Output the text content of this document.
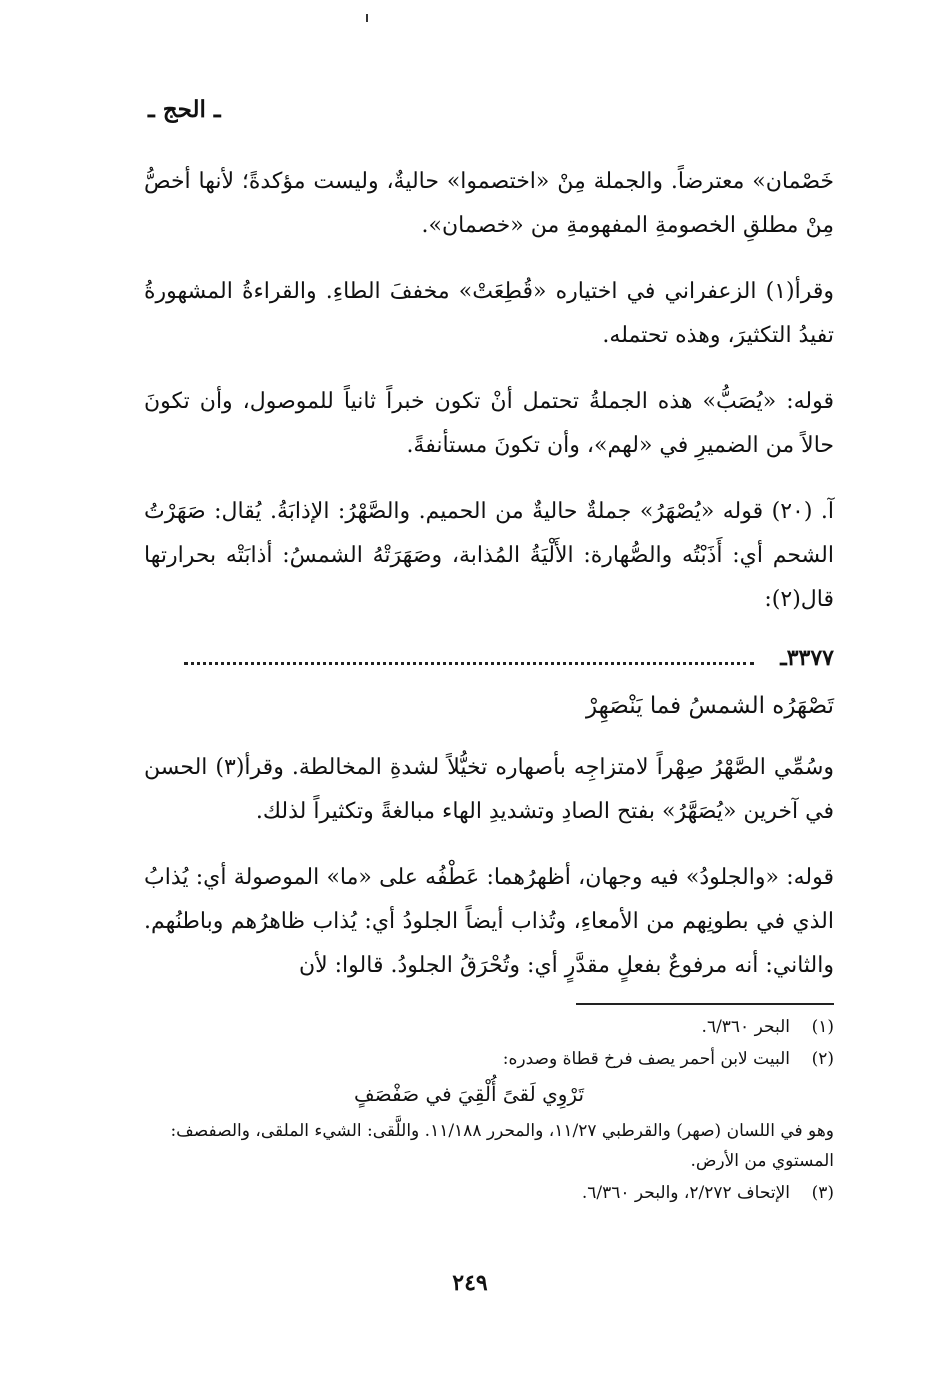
ـ الحج ـ

خَصْمان» معترضاً. والجملة مِنْ «اختصموا» حاليةٌ، وليست مؤكدةً؛ لأنها أخصُّ مِنْ مطلقِ الخصومةِ المفهومةِ من «خصمان».

وقرأ(١) الزعفراني في اختياره «قُطِعَتْ» مخففَ الطاءِ. والقراءةُ المشهورةُ تفيدُ التكثيرَ، وهذه تحتمله.

قوله: «يُصَبُّ» هذه الجملةُ تحتمل أنْ تكون خبراً ثانياً للموصول، وأن تكونَ حالاً من الضميرِ في «لهم»، وأن تكونَ مستأنفةً.

آ. (٢٠) قوله «يُصْهَرُ» جملةٌ حاليةٌ من الحميم. والصَّهْرُ: الإذابَةُ. يُقال: صَهَرْتُ الشحم أي: أَذَبْتُه والصُّهارة: الأَلْيَةُ المُذابة، وصَهَرَتْهُ الشمسُ: أذابَتْه بحرارتها قال(٢):

٣٣٧٧ـ
تَصْهَرُه الشمسُ فما يَنْصَهِرْ

وسُمِّي الصَّهْرُ صِهْراً لامتزاجِه بأصهاره تخيُّلاً لشدةِ المخالطة. وقرأ(٣) الحسن في آخرين «يُصَهَّرُ» بفتح الصادِ وتشديدِ الهاء مبالغةً وتكثيراً لذلك.

قوله: «والجلودُ» فيه وجهان، أظهرُهما: عَطْفُه على «ما» الموصولة أي: يُذابُ الذي في بطونِهم من الأمعاءِ، وتُذاب أيضاً الجلودُ أي: يُذاب ظاهرُهم وباطنُهم. والثاني: أنه مرفوعٌ بفعلٍ مقدَّرٍ أي: وتُحْرَقُ الجلودُ. قالوا: لأن

(١)
البحر ٦/٣٦٠.
(٢)
البيت لابن أحمر يصف فرخ قطاة وصدره:
تَرْوِي لَقىً أُلْقِيَ في صَفْصَفٍ
وهو في اللسان (صهر) والقرطبي ١١/٢٧، والمحرر ١١/١٨٨. واللَّقى: الشيء الملقى، والصفصف: المستوي من الأرض.
(٣)
الإتحاف ٢/٢٧٢، والبحر ٦/٣٦٠.
٢٤٩
